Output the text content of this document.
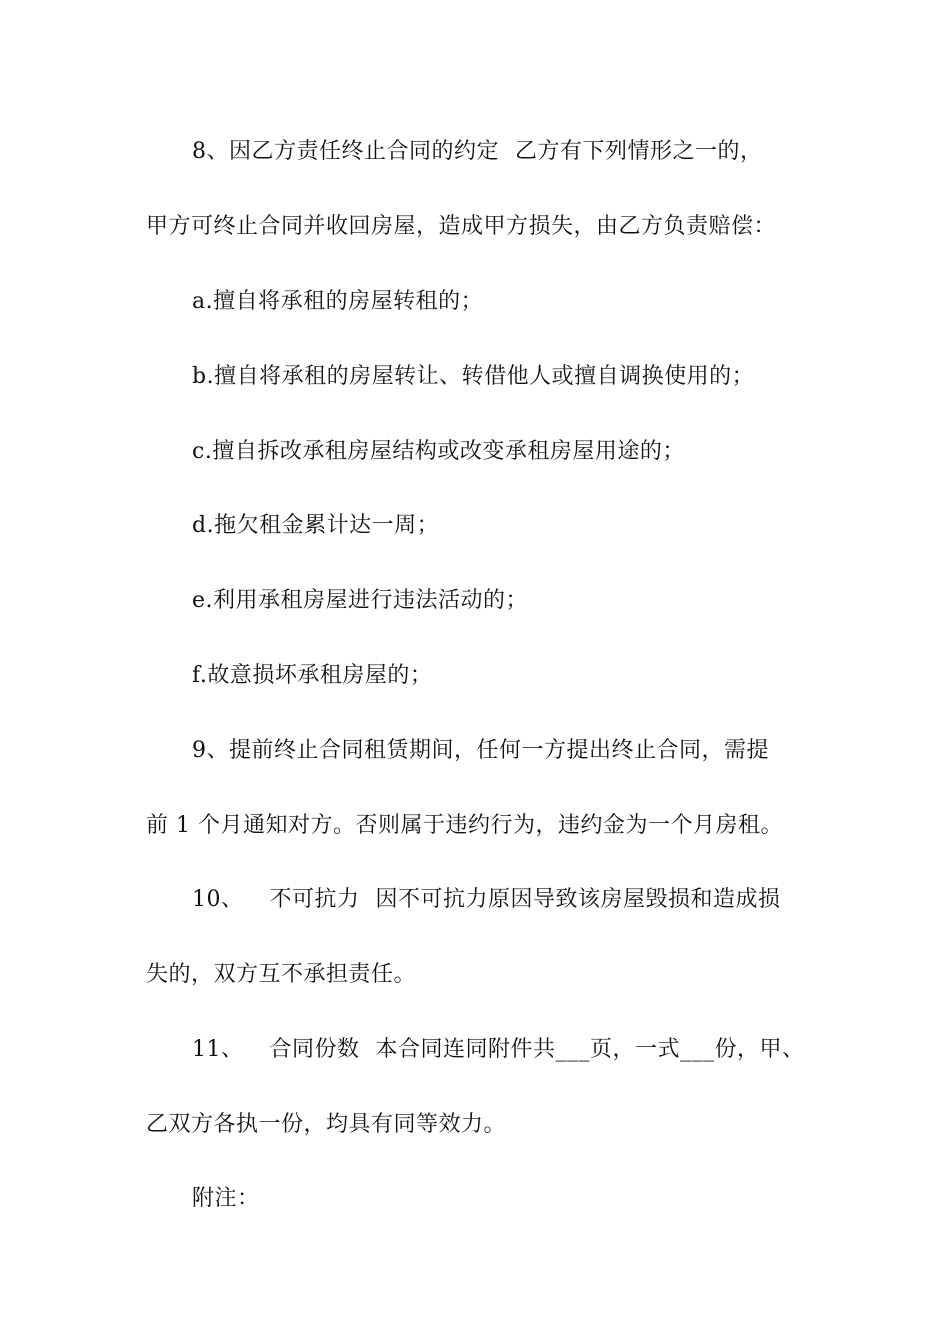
8、因乙方责任终止合同的约定 乙方有下列情形之一的，
甲方可终止合同并收回房屋，造成甲方损失，由乙方负责赔偿：
a.擅自将承租的房屋转租的；
b.擅自将承租的房屋转让、转借他人或擅自调换使用的；
c.擅自拆改承租房屋结构或改变承租房屋用途的；
d.拖欠租金累计达一周；
e.利用承租房屋进行违法活动的；
f.故意损坏承租房屋的；
9、提前终止合同租赁期间，任何一方提出终止合同，需提
前 1 个月通知对方。否则属于违约行为，违约金为一个月房租。
10、 不可抗力 因不可抗力原因导致该房屋毁损和造成损
失的，双方互不承担责任。
11、 合同份数 本合同连同附件共___页，一式___份，甲、
乙双方各执一份，均具有同等效力。
附注：
